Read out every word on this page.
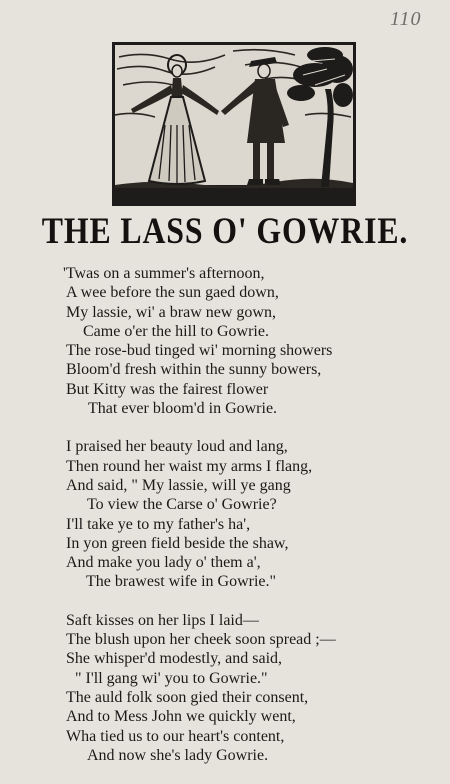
110
THE LASS O' GOWRIE.
'Twas on a summer's afternoon,
A wee before the sun gaed down,
My lassie, wi' a braw new gown,
Came o'er the hill to Gowrie.
The rose-bud tinged wi' morning showers
Bloom'd fresh within the sunny bowers,
But Kitty was the fairest flower
That ever bloom'd in Gowrie.
I praised her beauty loud and lang,
Then round her waist my arms I flang,
And said, " My lassie, will ye gang
To view the Carse o' Gowrie?
I'll take ye to my father's ha',
In yon green field beside the shaw,
And make you lady o' them a',
The brawest wife in Gowrie."
Saft kisses on her lips I laid—
The blush upon her cheek soon spread ;—
She whisper'd modestly, and said,
" I'll gang wi' you to Gowrie."
The auld folk soon gied their consent,
And to Mess John we quickly went,
Wha tied us to our heart's content,
And now she's lady Gowrie.
